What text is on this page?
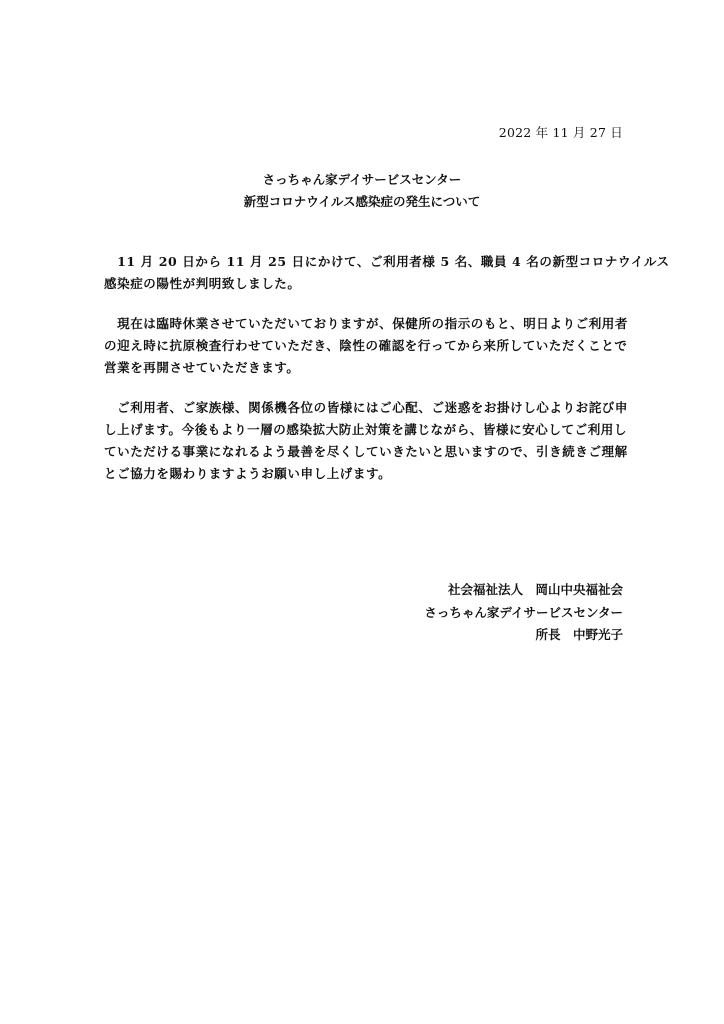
2022 年 11 月 27 日
さっちゃん家デイサービスセンター
新型コロナウイルス感染症の発生について
　11 月 20 日から 11 月 25 日にかけて、ご利用者様 5 名、職員 4 名の新型コロナウイルス
感染症の陽性が判明致しました。
　現在は臨時休業させていただいておりますが、保健所の指示のもと、明日よりご利用者
の迎え時に抗原検査行わせていただき、陰性の確認を行ってから来所していただくことで
営業を再開させていただきます。
　ご利用者、ご家族様、関係機各位の皆様にはご心配、ご迷惑をお掛けし心よりお詫び申
し上げます。今後もより一層の感染拡大防止対策を講じながら、皆様に安心してご利用し
ていただける事業になれるよう最善を尽くしていきたいと思いますので、引き続きご理解
とご協力を賜わりますようお願い申し上げます。
社会福祉法人　岡山中央福祉会
さっちゃん家デイサービスセンター
所長　中野光子
